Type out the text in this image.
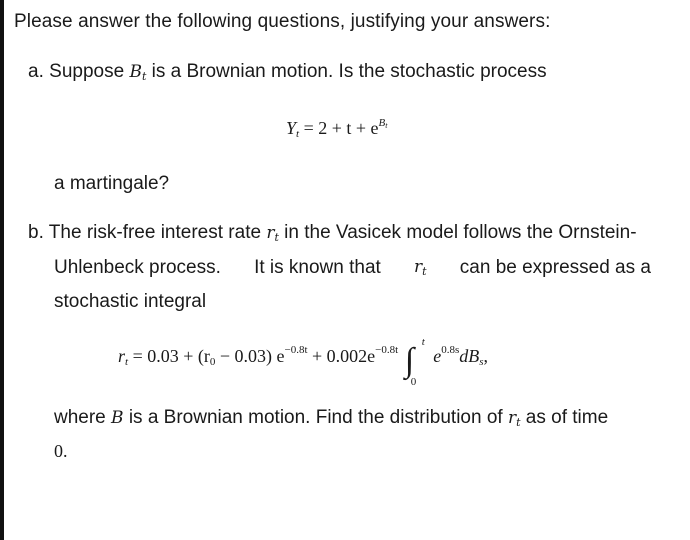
Please answer the following questions, justifying your answers:
a. Suppose $B_t$ is a Brownian motion. Is the stochastic process
$Y_t = 2 + t + e^{B_t}$
a martingale?
b. The risk-free interest rate $r_t$ in the Vasicek model follows the Ornstein-
Uhlenbeck process. It is known that $r_t$ can be expressed as a
stochastic integral
$r_t = 0.03 + (r_0 - 0.03) e^{-0.8t} + 0.002e^{-0.8t}$ ∫ t
0
$e^{0.8s}dB_s$,
where B is a Brownian motion. Find the distribution of $r_t$ as of time
0.
